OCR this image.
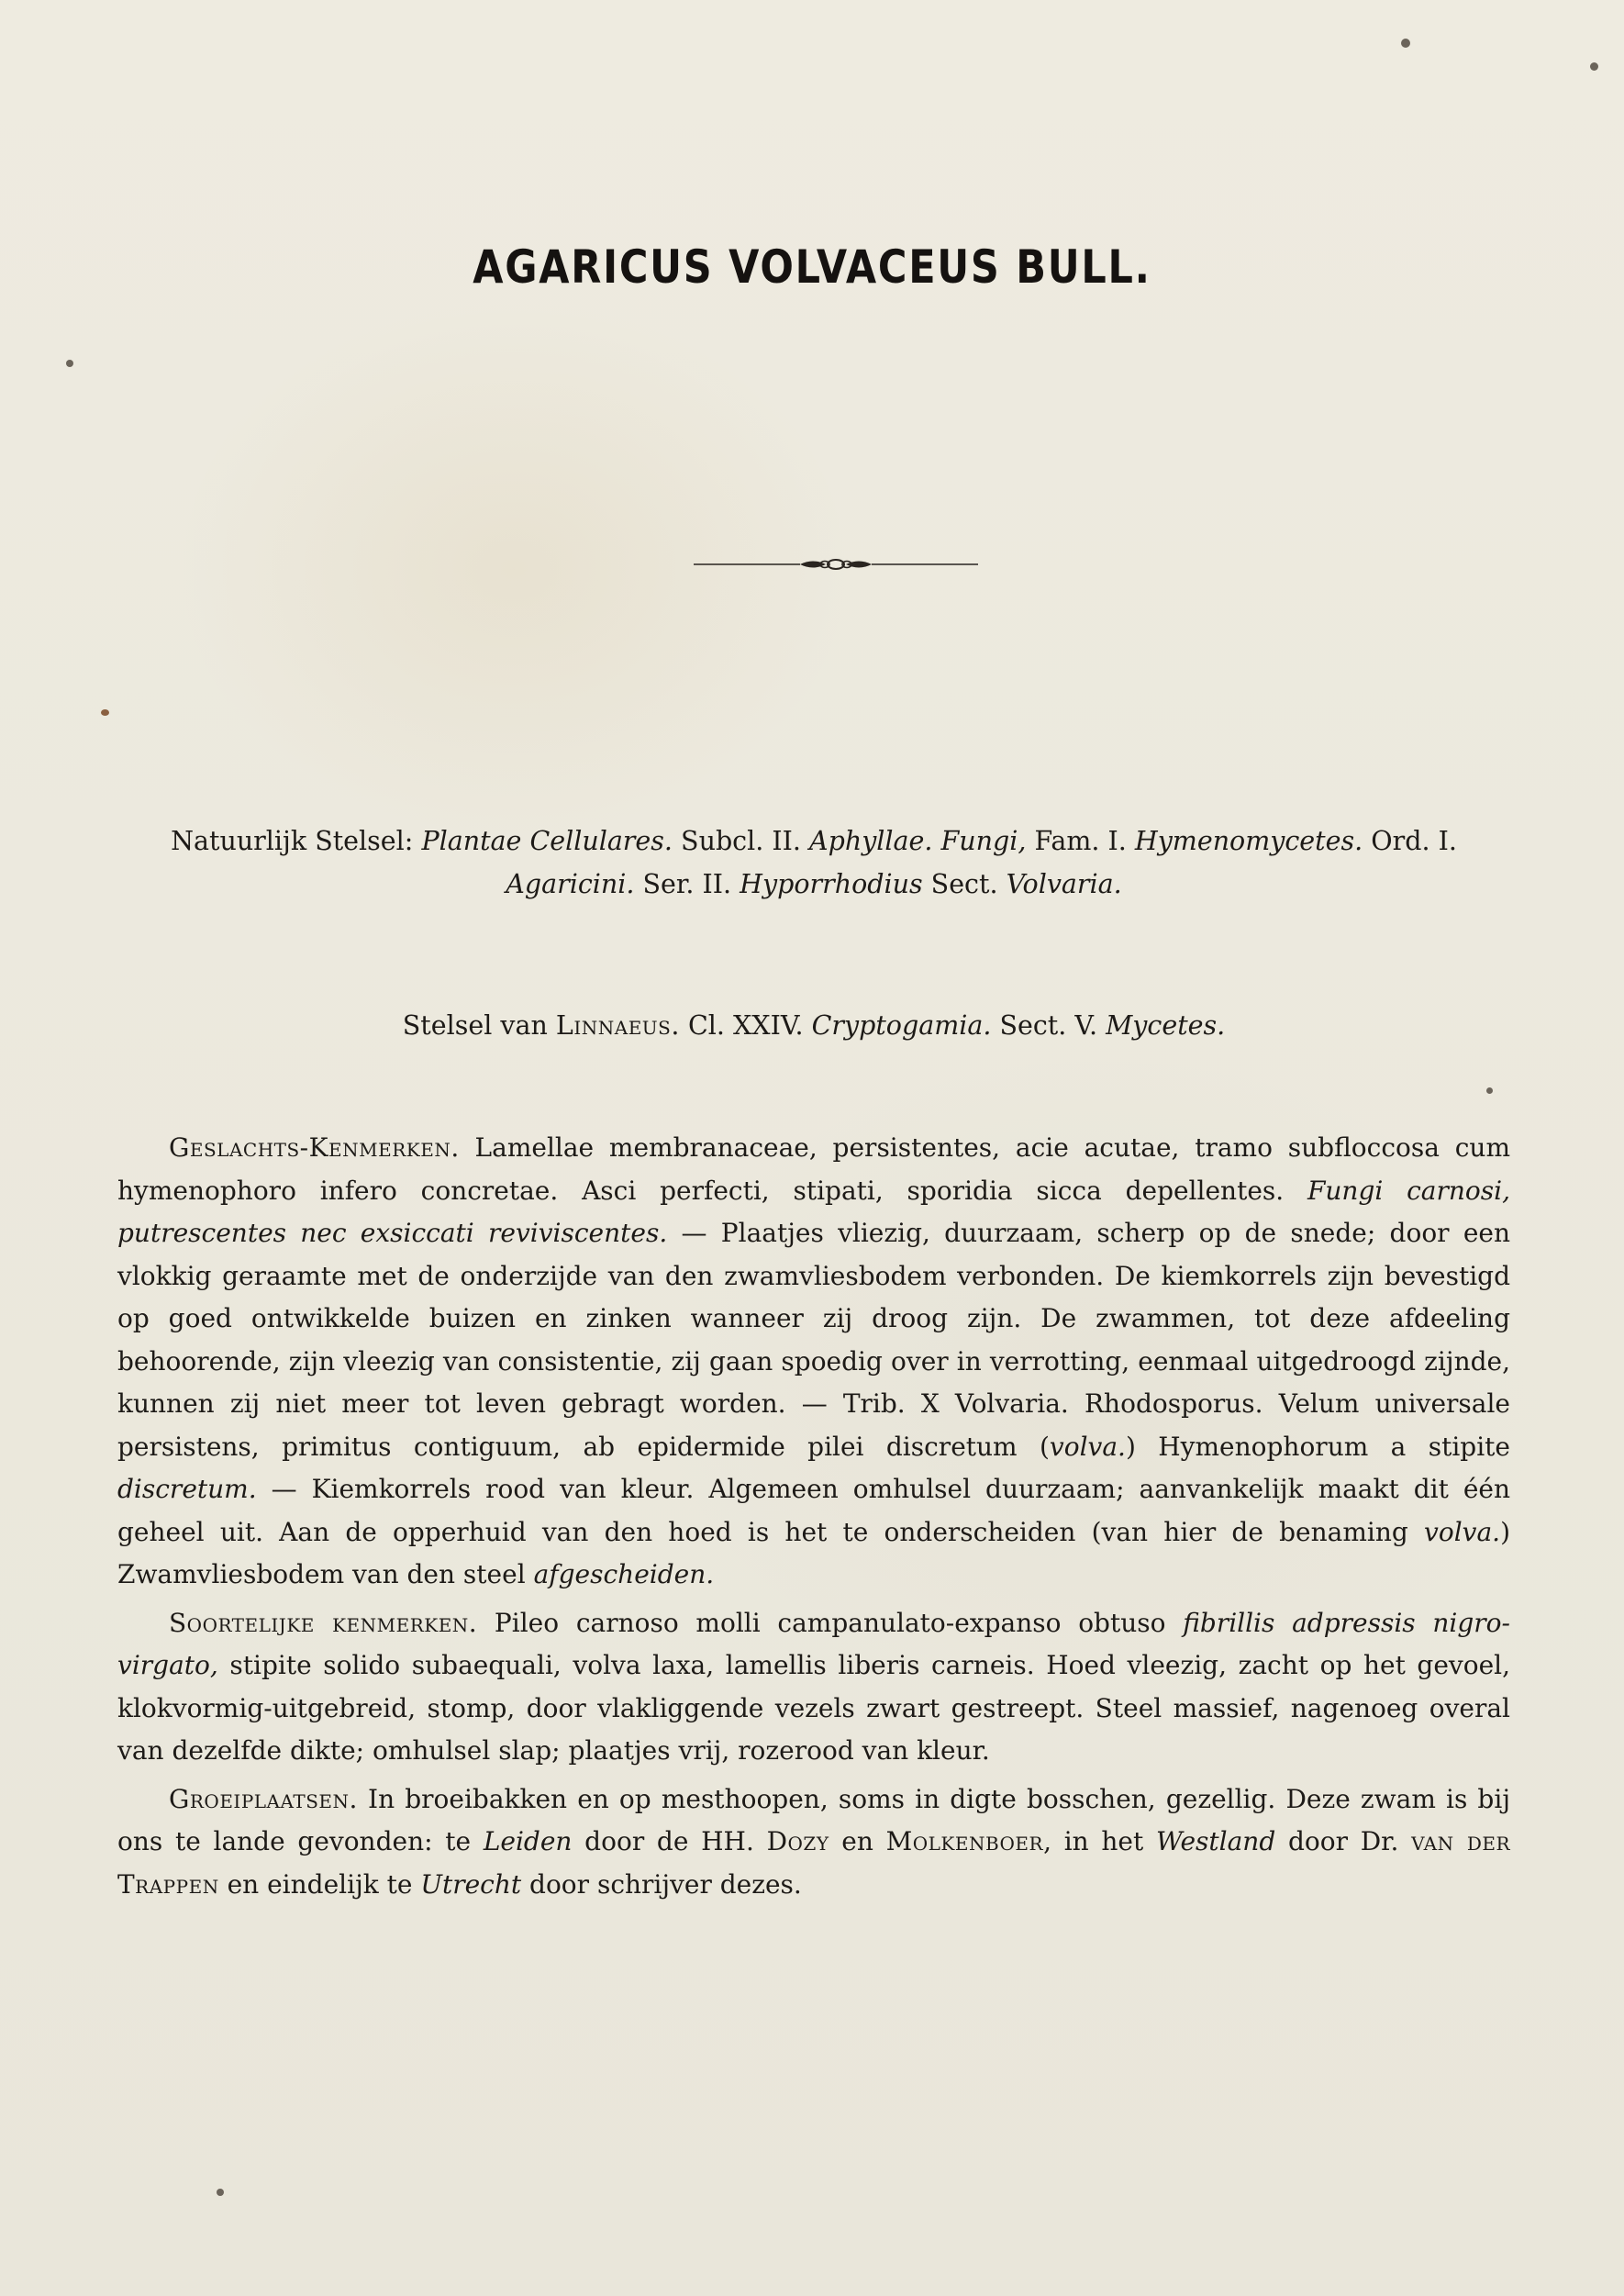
AGARICUS VOLVACEUS BULL.
Natuurlijk Stelsel: Plantae Cellulares. Subcl. II. Aphyllae. Fungi, Fam. I. Hymenomycetes. Ord. I. Agaricini. Ser. II. Hyporrhodius Sect. Volvaria.
Stelsel van Linnaeus. Cl. XXIV. Cryptogamia. Sect. V. Mycetes.

Geslachts-Kenmerken. Lamellae membranaceae, persistentes, acie acutae, tramo subfloccosa cum hymenophoro infero concretae. Asci perfecti, stipati, sporidia sicca depellentes. Fungi carnosi, putrescentes nec exsiccati reviviscentes. — Plaatjes vliezig, duurzaam, scherp op de snede; door een vlokkig geraamte met de onderzijde van den zwamvliesbodem verbonden. De kiemkorrels zijn bevestigd op goed ontwikkelde buizen en zinken wanneer zij droog zijn. De zwammen, tot deze afdeeling behoorende, zijn vleezig van consistentie, zij gaan spoedig over in verrotting, eenmaal uitgedroogd zijnde, kunnen zij niet meer tot leven gebragt worden. — Trib. X Volvaria. Rhodosporus. Velum universale persistens, primitus contiguum, ab epidermide pilei discretum (volva.) Hymenophorum a stipite discretum. — Kiemkorrels rood van kleur. Algemeen omhulsel duurzaam; aanvankelijk maakt dit één geheel uit. Aan de opperhuid van den hoed is het te onderscheiden (van hier de benaming volva.) Zwamvliesbodem van den steel afgescheiden.

Soortelijke kenmerken. Pileo carnoso molli campanulato-expanso obtuso fibrillis adpressis nigro-virgato, stipite solido subaequali, volva laxa, lamellis liberis carneis. Hoed vleezig, zacht op het gevoel, klokvormig-uitgebreid, stomp, door vlakliggende vezels zwart gestreept. Steel massief, nagenoeg overal van dezelfde dikte; omhulsel slap; plaatjes vrij, rozerood van kleur.

Groeiplaatsen. In broeibakken en op mesthoopen, soms in digte bosschen, gezellig. Deze zwam is bij ons te lande gevonden: te Leiden door de HH. Dozy en Molkenboer, in het Westland door Dr. van der Trappen en eindelijk te Utrecht door schrijver dezes.
